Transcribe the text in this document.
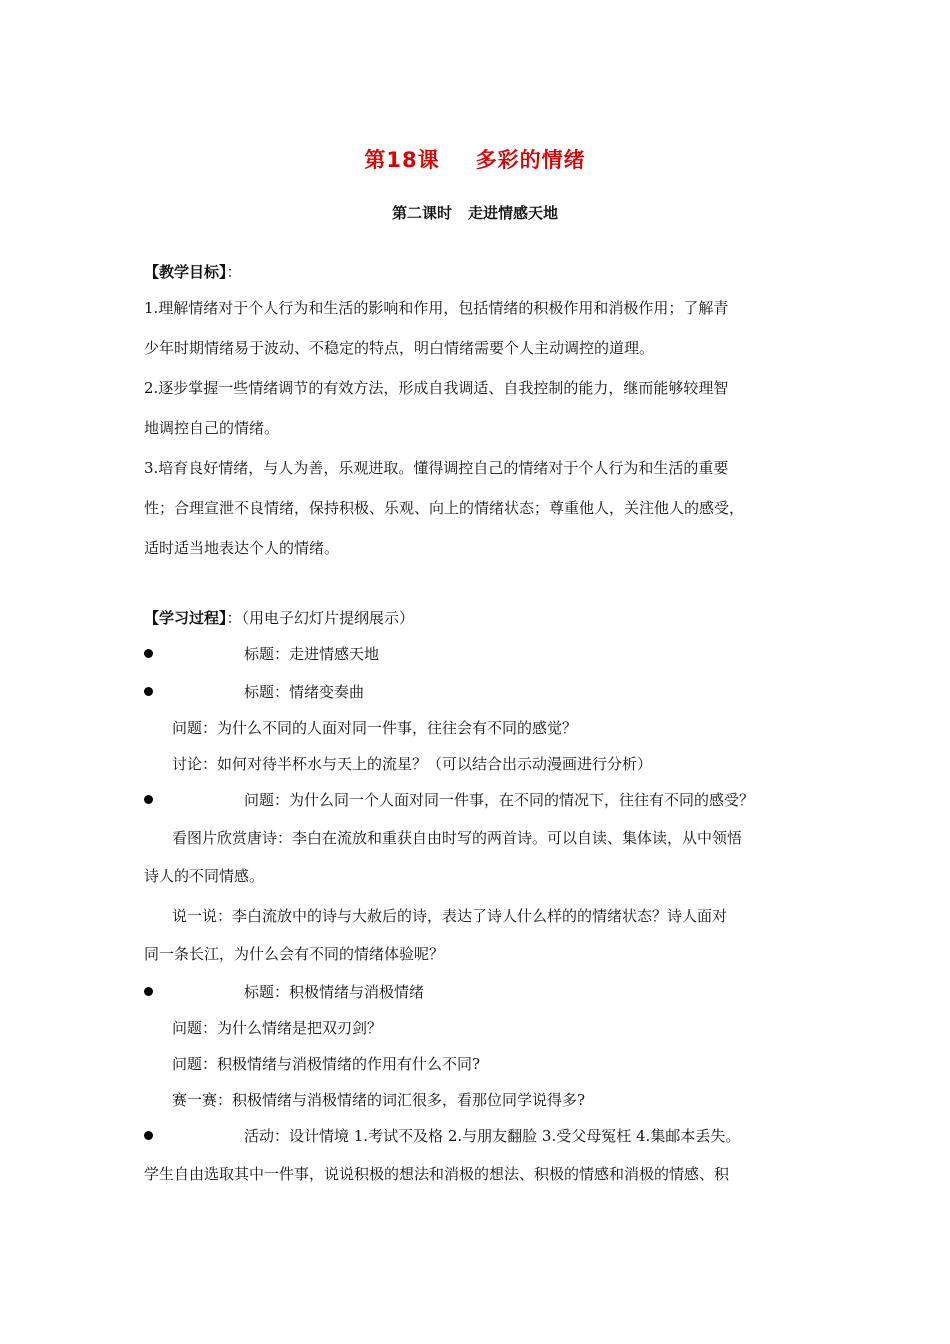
第18课 多彩的情绪
第二课时 走进情感天地
【教学目标】：
1.理解情绪对于个人行为和生活的影响和作用，包括情绪的积极作用和消极作用；了解青
少年时期情绪易于波动、不稳定的特点，明白情绪需要个人主动调控的道理。
2.逐步掌握一些情绪调节的有效方法，形成自我调适、自我控制的能力，继而能够较理智
地调控自己的情绪。
3.培育良好情绪，与人为善，乐观进取。懂得调控自己的情绪对于个人行为和生活的重要
性；合理宣泄不良情绪，保持积极、乐观、向上的情绪状态；尊重他人，关注他人的感受，
适时适当地表达个人的情绪。
【学习过程】：（用电子幻灯片提纲展示）
标题：走进情感天地
标题：情绪变奏曲
问题：为什么不同的人面对同一件事，往往会有不同的感觉？
讨论：如何对待半杯水与天上的流星？（可以结合出示动漫画进行分析）
问题：为什么同一个人面对同一件事，在不同的情况下，往往有不同的感受？
看图片欣赏唐诗：李白在流放和重获自由时写的两首诗。可以自读、集体读，从中领悟
诗人的不同情感。
说一说：李白流放中的诗与大赦后的诗，表达了诗人什么样的的情绪状态？诗人面对
同一条长江，为什么会有不同的情绪体验呢？
标题：积极情绪与消极情绪
问题：为什么情绪是把双刃剑？
问题：积极情绪与消极情绪的作用有什么不同?
赛一赛：积极情绪与消极情绪的词汇很多，看那位同学说得多?
活动：设计情境 1.考试不及格 2.与朋友翻脸 3.受父母冤枉 4.集邮本丢失。
学生自由选取其中一件事，说说积极的想法和消极的想法、积极的情感和消极的情感、积
